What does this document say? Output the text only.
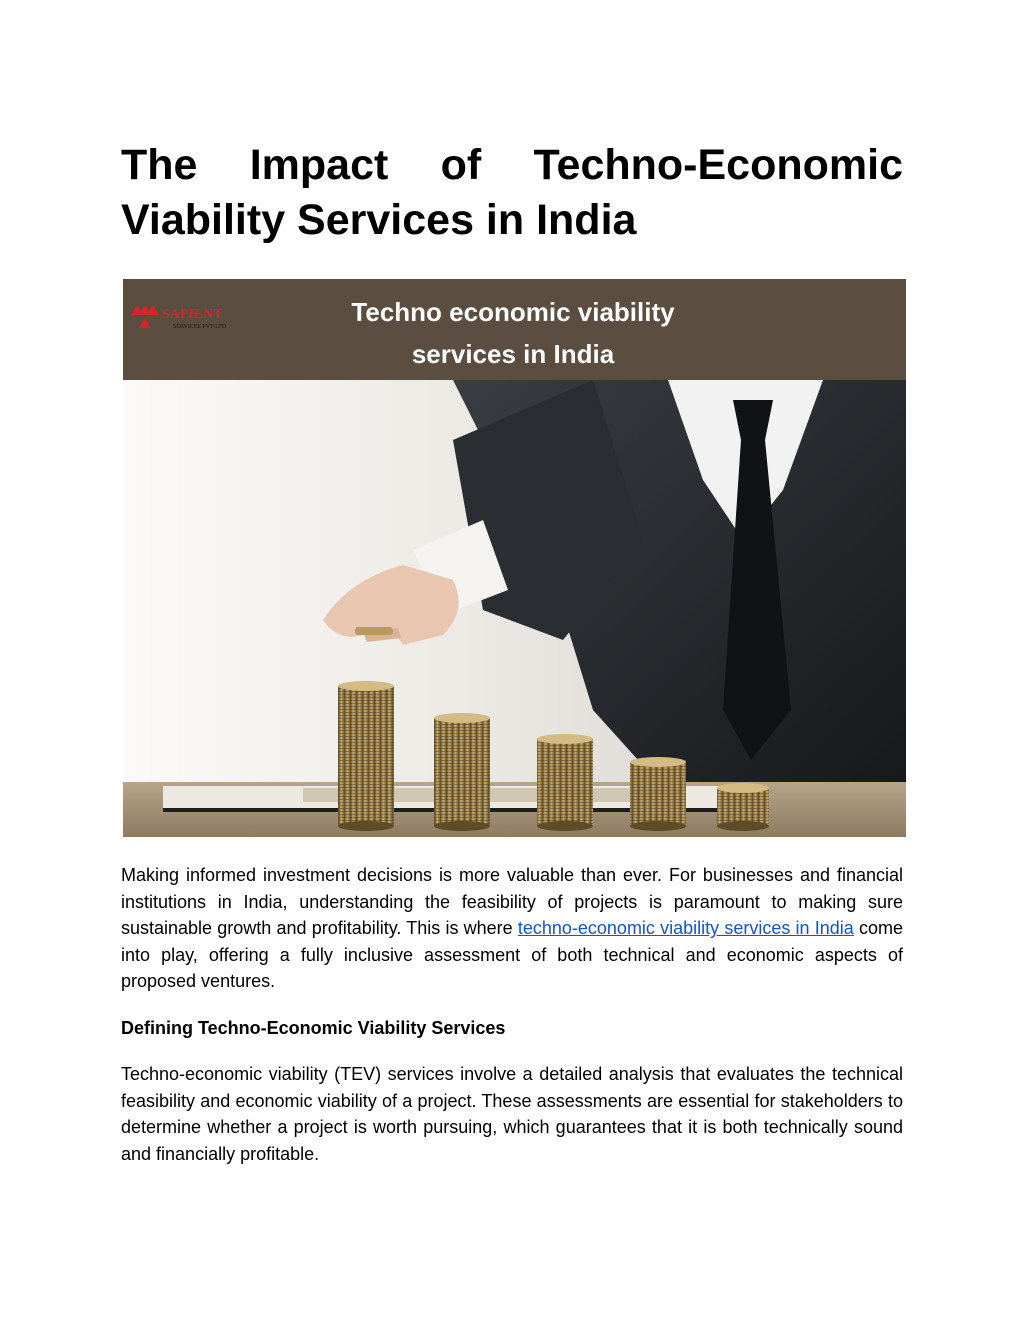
The Impact of Techno-Economic Viability Services in India
SAPIENT
SERVICES PVT LTD	Techno economic viability
services in India

Making informed investment decisions is more valuable than ever. For businesses and financial institutions in India, understanding the feasibility of projects is paramount to making sure sustainable growth and profitability. This is where techno-economic viability services in India come into play, offering a fully inclusive assessment of both technical and economic aspects of proposed ventures.

Defining Techno-Economic Viability Services

Techno-economic viability (TEV) services involve a detailed analysis that evaluates the technical feasibility and economic viability of a project. These assessments are essential for stakeholders to determine whether a project is worth pursuing, which guarantees that it is both technically sound and financially profitable.
